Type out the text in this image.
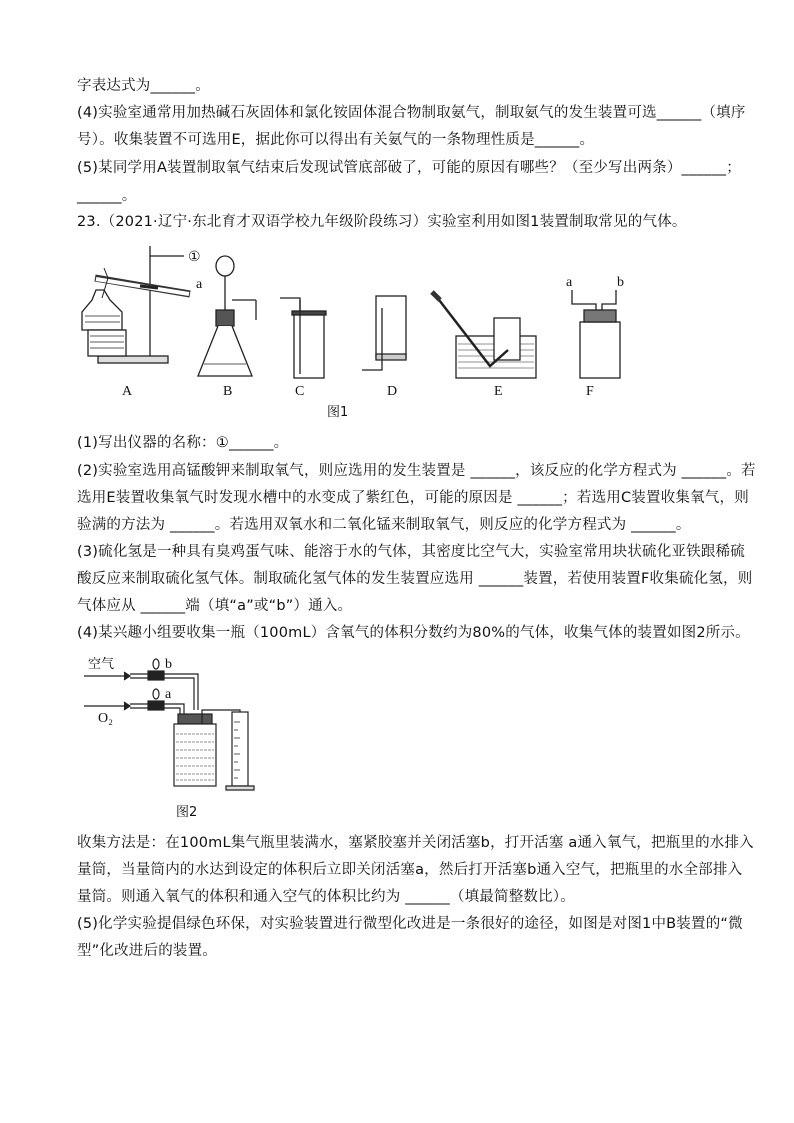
字表达式为______。
(4)实验室通常用加热碱石灰固体和氯化铵固体混合物制取氨气，制取氨气的发生装置可选______（填序
号）。收集装置不可选用E，据此你可以得出有关氨气的一条物理性质是______。
(5)某同学用A装置制取氧气结束后发现试管底部破了，可能的原因有哪些？（至少写出两条）______；
______。
23.（2021·辽宁·东北育才双语学校九年级阶段练习）实验室利用如图1装置制取常见的气体。
①
A
a
B	C	D	E
a	b
F
图1
(1)写出仪器的名称：①______。
(2)实验室选用高锰酸钾来制取氧气，则应选用的发生装置是 ______，该反应的化学方程式为 ______。若
选用E装置收集氧气时发现水槽中的水变成了紫红色，可能的原因是 ______；若选用C装置收集氧气，则
验满的方法为 ______。若选用双氧水和二氧化锰来制取氧气，则反应的化学方程式为 ______。
(3)硫化氢是一种具有臭鸡蛋气味、能溶于水的气体，其密度比空气大，实验室常用块状硫化亚铁跟稀硫
酸反应来制取硫化氢气体。制取硫化氢气体的发生装置应选用 ______装置，若使用装置F收集硫化氢，则
气体应从 ______端（填“a”或“b”）通入。
(4)某兴趣小组要收集一瓶（100mL）含氧气的体积分数约为80%的气体，收集气体的装置如图2所示。
空气
O₂
b
a
图2
收集方法是：在100mL集气瓶里装满水，塞紧胶塞并关闭活塞b，打开活塞 a通入氧气，把瓶里的水排入
量筒，当量筒内的水达到设定的体积后立即关闭活塞a，然后打开活塞b通入空气，把瓶里的水全部排入
量筒。则通入氧气的体积和通入空气的体积比约为 ______（填最简整数比）。
(5)化学实验提倡绿色环保，对实验装置进行微型化改进是一条很好的途径，如图是对图1中B装置的“微
型”化改进后的装置。
